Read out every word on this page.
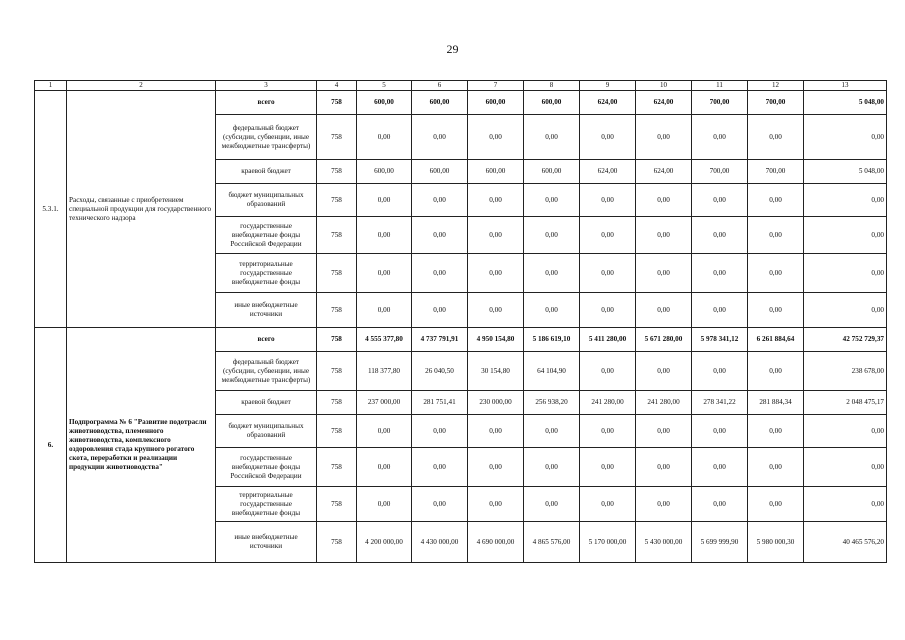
29
1	2	3	4	5	6	7	8	9	10	11	12	13
5.3.1.	Расходы, связанные с приобретением специальной продукции для государственного технического надзора	всего	758	600,00	600,00	600,00	600,00	624,00	624,00	700,00	700,00	5 048,00
		федеральный бюджет (субсидии, субвенции, иные межбюджетные трансферты)	758	0,00	0,00	0,00	0,00	0,00	0,00	0,00	0,00	0,00
		краевой бюджет	758	600,00	600,00	600,00	600,00	624,00	624,00	700,00	700,00	5 048,00
		бюджет муниципальных образований	758	0,00	0,00	0,00	0,00	0,00	0,00	0,00	0,00	0,00
		государственные внебюджетные фонды Российской Федерации	758	0,00	0,00	0,00	0,00	0,00	0,00	0,00	0,00	0,00
		территориальные государственные внебюджетные фонды	758	0,00	0,00	0,00	0,00	0,00	0,00	0,00	0,00	0,00
		иные внебюджетные источники	758	0,00	0,00	0,00	0,00	0,00	0,00	0,00	0,00	0,00
6.	Подпрограмма № 6 "Развитие подотрасли животноводства, племенного животноводства, комплексного оздоровления стада крупного рогатого скота, переработки и реализации продукции животноводства"	всего	758	4 555 377,80	4 737 791,91	4 950 154,80	5 186 619,10	5 411 280,00	5 671 280,00	5 978 341,12	6 261 884,64	42 752 729,37
		федеральный бюджет (субсидии, субвенции, иные межбюджетные трансферты)	758	118 377,80	26 040,50	30 154,80	64 104,90	0,00	0,00	0,00	0,00	238 678,00
		краевой бюджет	758	237 000,00	281 751,41	230 000,00	256 938,20	241 280,00	241 280,00	278 341,22	281 884,34	2 048 475,17
		бюджет муниципальных образований	758	0,00	0,00	0,00	0,00	0,00	0,00	0,00	0,00	0,00
		государственные внебюджетные фонды Российской Федерации	758	0,00	0,00	0,00	0,00	0,00	0,00	0,00	0,00	0,00
		территориальные государственные внебюджетные фонды	758	0,00	0,00	0,00	0,00	0,00	0,00	0,00	0,00	0,00
		иные внебюджетные источники	758	4 200 000,00	4 430 000,00	4 690 000,00	4 865 576,00	5 170 000,00	5 430 000,00	5 699 999,90	5 980 000,30	40 465 576,20
